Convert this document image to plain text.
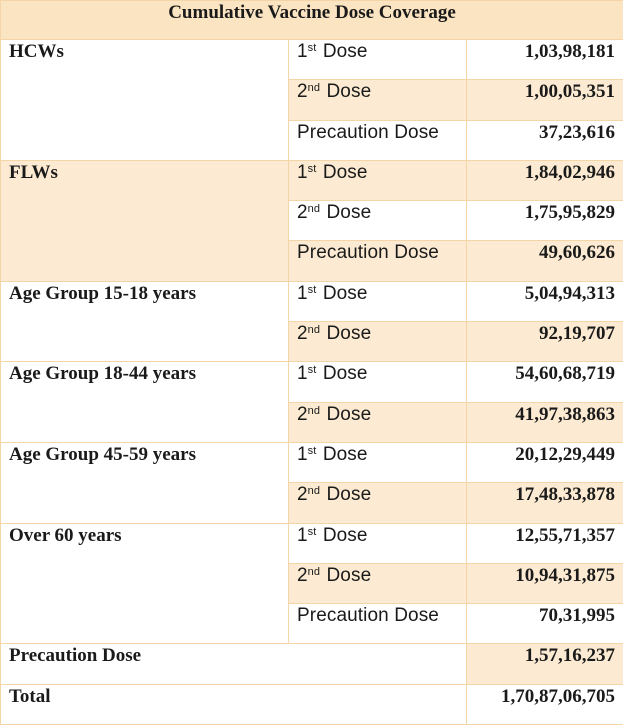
Cumulative Vaccine Dose Coverage		
HCWs	1st Dose	1,03,98,181
	2nd Dose	1,00,05,351
	Precaution Dose	37,23,616
FLWs	1st Dose	1,84,02,946
	2nd Dose	1,75,95,829
	Precaution Dose	49,60,626
Age Group 15-18 years	1st Dose	5,04,94,313
	2nd Dose	92,19,707
Age Group 18-44 years	1st Dose	54,60,68,719
	2nd Dose	41,97,38,863
Age Group 45-59 years	1st Dose	20,12,29,449
	2nd Dose	17,48,33,878
Over 60 years	1st Dose	12,55,71,357
	2nd Dose	10,94,31,875
	Precaution Dose	70,31,995
Precaution Dose		1,57,16,237
Total		1,70,87,06,705
